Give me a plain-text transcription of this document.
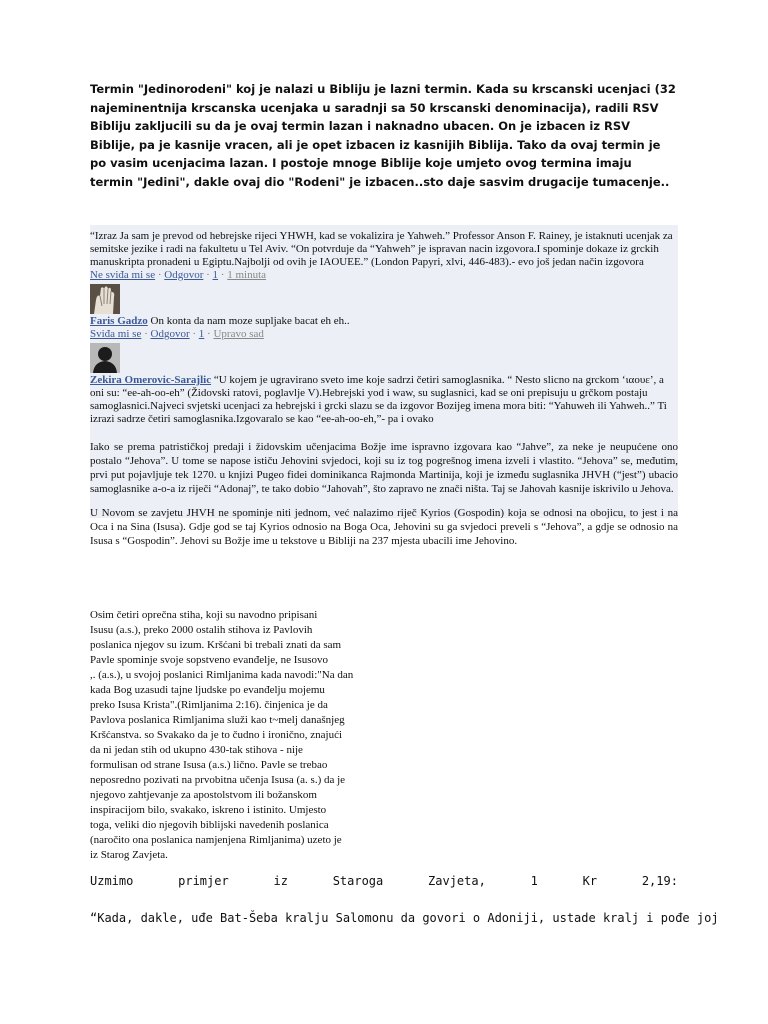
Termin "Jedinorodeni" koj je nalazi u Bibliju je lazni termin. Kada su krscanski ucenjaci (32 najeminentnija krscanska ucenjaka u saradnji sa 50 krscanski denominacija), radili RSV Bibliju zakljucili su da je ovaj termin lazan i naknadno ubacen. On je izbacen iz RSV Biblije, pa je kasnije vracen, ali je opet izbacen iz kasnijih Biblija. Tako da ovaj termin je po vasim ucenjacima lazan. I postoje mnoge Biblije koje umjeto ovog termina imaju termin "Jedini", dakle ovaj dio "Rodeni" je izbacen..sto daje sasvim drugacije tumacenje..

“Izraz Ja sam je prevod od hebrejske rijeci YHWH, kad se vokalizira je Yahweh.” Professor Anson F. Rainey, je istaknuti ucenjak za semitske jezike i radi na fakultetu u Tel Aviv. “On potvrduje da “Yahweh” je ispravan nacin izgovora.I spominje dokaze iz grckih manuskripta pronadeni u Egiptu.Najbolji od ovih je IAOUEE.” (London Papyri, xlvi, 446-483).- evo još jedan način izgovora

Ne sviđa mi se · Odgovor · 1 · 1 minuta

Faris Gadzo On konta da nam moze supljake bacat eh eh..

Sviđa mi se · Odgovor · 1 · Upravo sad

Zekira Omerovic-Sarajlic “U kojem je ugravirano sveto ime koje sadrzi četiri samoglasnika. “ Nesto slicno na grckom ‘ιαουε’, a oni su: “ee-ah-oo-eh” (Židovski ratovi, poglavlje V).Hebrejski yod i waw, su suglasnici, kad se oni prepisuju u grčkom postaju samoglasnici.Najveci svjetski ucenjaci za hebrejski i grcki slazu se da izgovor Bozijeg imena mora biti: “Yahuweh ili Yahweh..” Ti izrazi sadrze četiri samoglasnika.Izgovaralo se kao “ee-ah-oo-eh,”- pa i ovako

Iako se prema patrističkoj predaji i židovskim učenjacima Božje ime ispravno izgovara kao “Jahve”, za neke je neupućene ono postalo “Jehova”. U tome se napose ističu Jehovini svjedoci, koji su iz tog pogrešnog imena izveli i vlastito. “Jehova” se, međutim, prvi put pojavljuje tek 1270. u knjizi Pugeo fidei dominikanca Rajmonda Martinija, koji je između suglasnika JHVH (“jest”) ubacio samoglasnike a-o-a iz riječi “Adonaj”, te tako dobio “Jahovah”, što zapravo ne znači ništa. Taj se Jahovah kasnije iskrivilo u Jehova.

U Novom se zavjetu JHVH ne spominje niti jednom, već nalazimo riječ Kyrios (Gospodin) koja se odnosi na obojicu, to jest i na Oca i na Sina (Isusa). Gdje god se taj Kyrios odnosio na Boga Oca, Jehovini su ga svjedoci preveli s “Jehova”, a gdje se odnosio na Isusa s “Gospodin”. Jehovi su Božje ime u tekstove u Bibliji na 237 mjesta ubacili ime Jehovino.

Osim četiri oprečna stiha, koji su navodno pripisani
Isusu (a.s.), preko 2000 ostalih stihova iz Pavlovih
poslanica njegov su izum. Kršćani bi trebali znati da sam
Pavle spominje svoje sopstveno evanđelje, ne Isusovo
,. (a.s.), u svojoj poslanici Rimljanima kada navodi:"Na dan
kada Bog uzasudi tajne ljudske po evanđelju mojemu
preko Isusa Krista".(Rimljanima 2:16). činjenica je da
Pavlova poslanica Rimljanima služi kao t~melj današnjeg
Kršćanstva. so Svakako da je to čudno i ironično, znajući
da ni jedan stih od ukupno 430-tak stihova - nije
formulisan od strane Isusa (a.s.) lično. Pavle se trebao
neposredno pozivati na prvobitna učenja Isusa (a. s.) da je
njegovo zahtjevanje za apostolstvom ili božanskom
inspiracijom bilo, svakako, iskreno i istinito. Umjesto
toga, veliki dio njegovih biblijski navedenih poslanica
(naročito ona poslanica namjenjena Rimljanima) uzeto je
iz Starog Zavjeta.
Uzmimo	primjer	iz	Staroga	Zavjeta,	1	Kr	2,19:

“Kada, dakle, uđe Bat-Šeba kralju Salomonu da govori o Adoniji, ustade kralj i pođe joj
